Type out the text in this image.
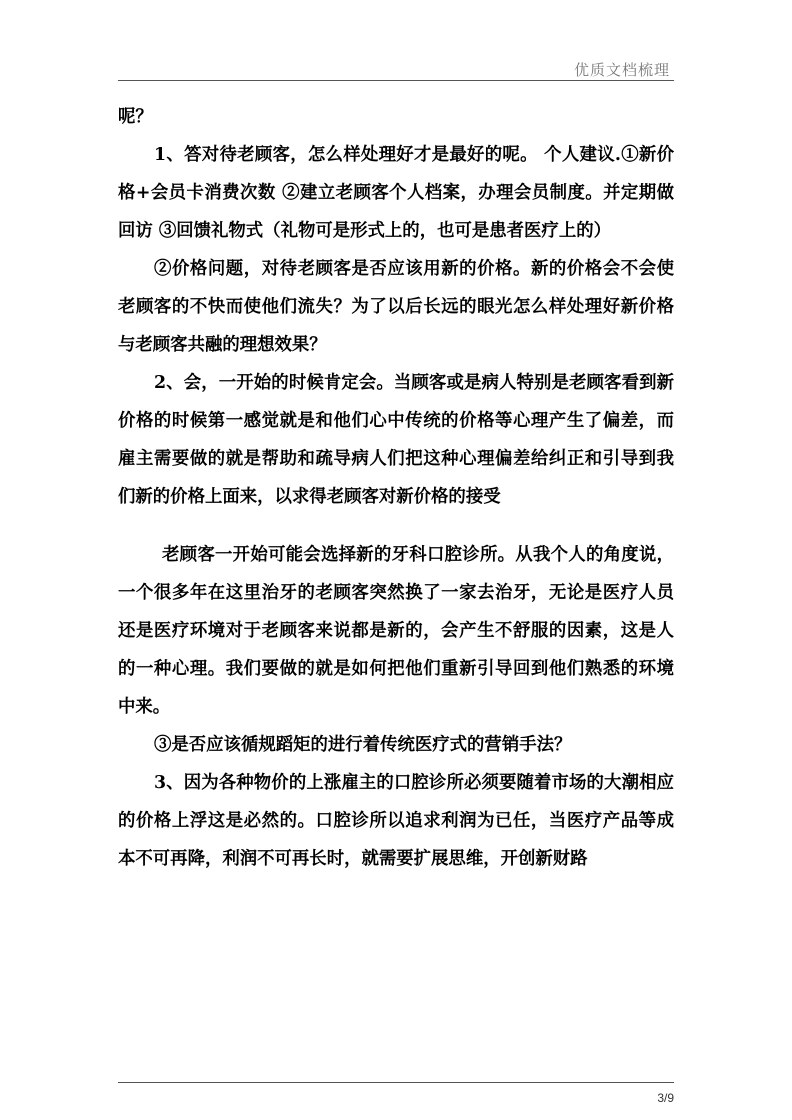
优质文档梳理

呢？

1、答对待老顾客，怎么样处理好才是最好的呢。 个人建议.①新价格+会员卡消费次数 ②建立老顾客个人档案，办理会员制度。并定期做回访 ③回馈礼物式（礼物可是形式上的，也可是患者医疗上的）

②价格问题，对待老顾客是否应该用新的价格。新的价格会不会使老顾客的不快而使他们流失？为了以后长远的眼光怎么样处理好新价格与老顾客共融的理想效果？

2、会，一开始的时候肯定会。当顾客或是病人特别是老顾客看到新价格的时候第一感觉就是和他们心中传统的价格等心理产生了偏差，而雇主需要做的就是帮助和疏导病人们把这种心理偏差给纠正和引导到我们新的价格上面来，以求得老顾客对新价格的接受

老顾客一开始可能会选择新的牙科口腔诊所。从我个人的角度说，一个很多年在这里治牙的老顾客突然换了一家去治牙，无论是医疗人员还是医疗环境对于老顾客来说都是新的，会产生不舒服的因素，这是人的一种心理。我们要做的就是如何把他们重新引导回到他们熟悉的环境中来。

③是否应该循规蹈矩的进行着传统医疗式的营销手法？

3、因为各种物价的上涨雇主的口腔诊所必须要随着市场的大潮相应的价格上浮这是必然的。口腔诊所以追求利润为已任，当医疗产品等成本不可再降，利润不可再长时，就需要扩展思维，开创新财路

3/9
